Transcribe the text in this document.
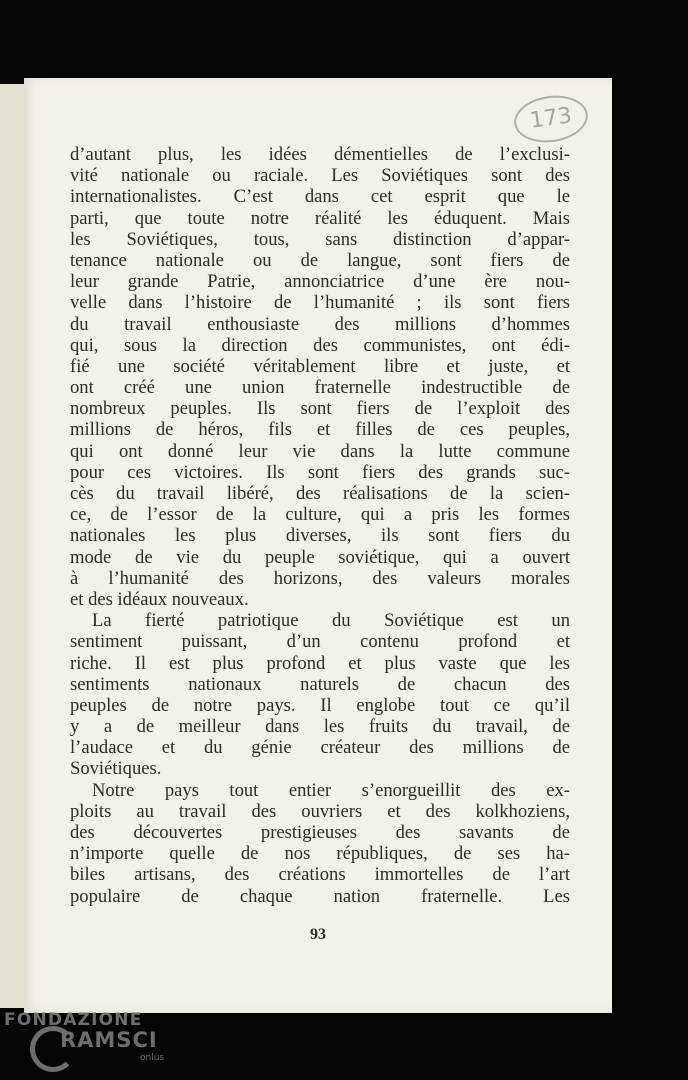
173
d’autant plus, les idées démentielles de l’exclusi-
vité nationale ou raciale. Les Soviétiques sont des
internationalistes. C’est dans cet esprit que le
parti, que toute notre réalité les éduquent. Mais
les Soviétiques, tous, sans distinction d’appar-
tenance nationale ou de langue, sont fiers de
leur grande Patrie, annonciatrice d’une ère nou-
velle dans l’histoire de l’humanité ; ils sont fiers
du travail enthousiaste des millions d’hommes
qui, sous la direction des communistes, ont édi-
fié une société véritablement libre et juste, et
ont créé une union fraternelle indestructible de
nombreux peuples. Ils sont fiers de l’exploit des
millions de héros, fils et filles de ces peuples,
qui ont donné leur vie dans la lutte commune
pour ces victoires. Ils sont fiers des grands suc-
cès du travail libéré, des réalisations de la scien-
ce, de l’essor de la culture, qui a pris les formes
nationales les plus diverses, ils sont fiers du
mode de vie du peuple soviétique, qui a ouvert
à l’humanité des horizons, des valeurs morales
et des idéaux nouveaux.
La fierté patriotique du Soviétique est un
sentiment puissant, d’un contenu profond et
riche. Il est plus profond et plus vaste que les
sentiments nationaux naturels de chacun des
peuples de notre pays. Il englobe tout ce qu’il
y a de meilleur dans les fruits du travail, de
l’audace et du génie créateur des millions de
Soviétiques.
Notre pays tout entier s’enorgueillit des ex-
ploits au travail des ouvriers et des kolkhoziens,
des découvertes prestigieuses des savants de
n’importe quelle de nos républiques, de ses ha-
biles artisans, des créations immortelles de l’art
populaire de chaque nation fraternelle. Les
93
FONDAZIONE
RAMSCI
onlus
